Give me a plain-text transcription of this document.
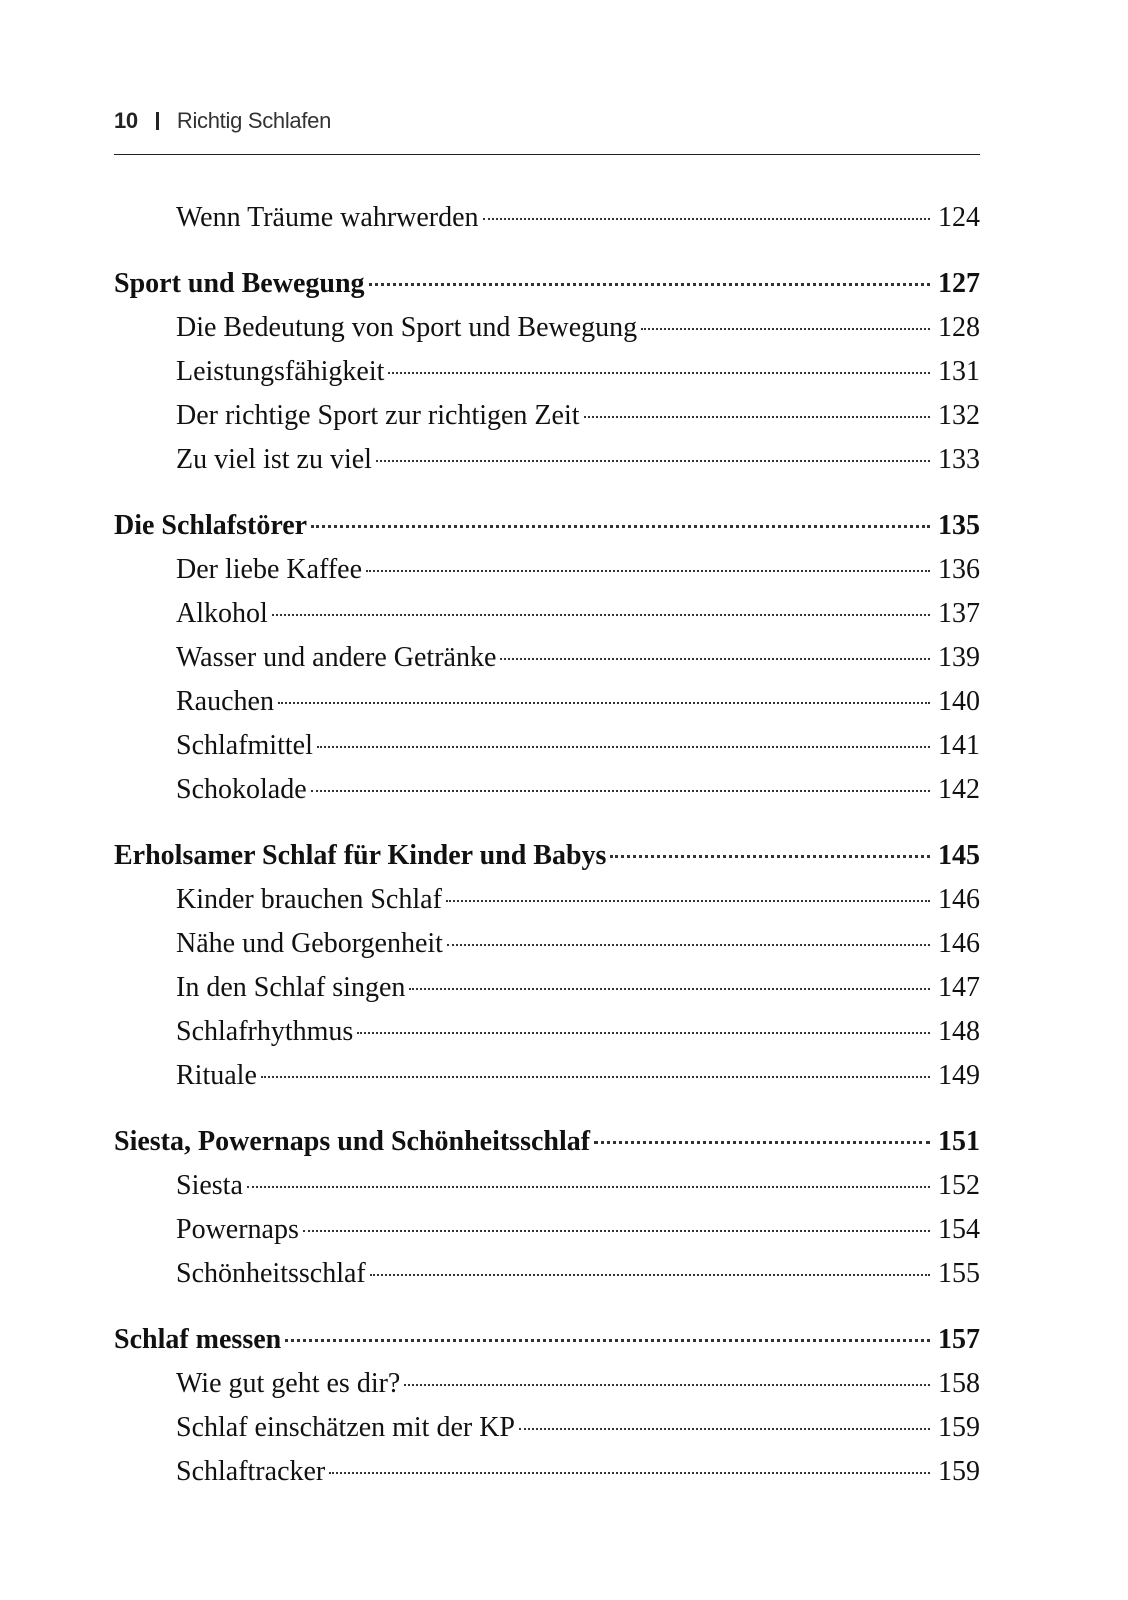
10 Richtig Schlafen
Wenn Träume wahrwerden	124
Sport und Bewegung	127
Die Bedeutung von Sport und Bewegung	128
Leistungsfähigkeit	131
Der richtige Sport zur richtigen Zeit	132
Zu viel ist zu viel	133
Die Schlafstörer	135
Der liebe Kaffee	136
Alkohol	137
Wasser und andere Getränke	139
Rauchen	140
Schlafmittel	141
Schokolade	142
Erholsamer Schlaf für Kinder und Babys	145
Kinder brauchen Schlaf	146
Nähe und Geborgenheit	146
In den Schlaf singen	147
Schlafrhythmus	148
Rituale	149
Siesta, Powernaps und Schönheitsschlaf	151
Siesta	152
Powernaps	154
Schönheitsschlaf	155
Schlaf messen	157
Wie gut geht es dir?	158
Schlaf einschätzen mit der KP	159
Schlaftracker	159
